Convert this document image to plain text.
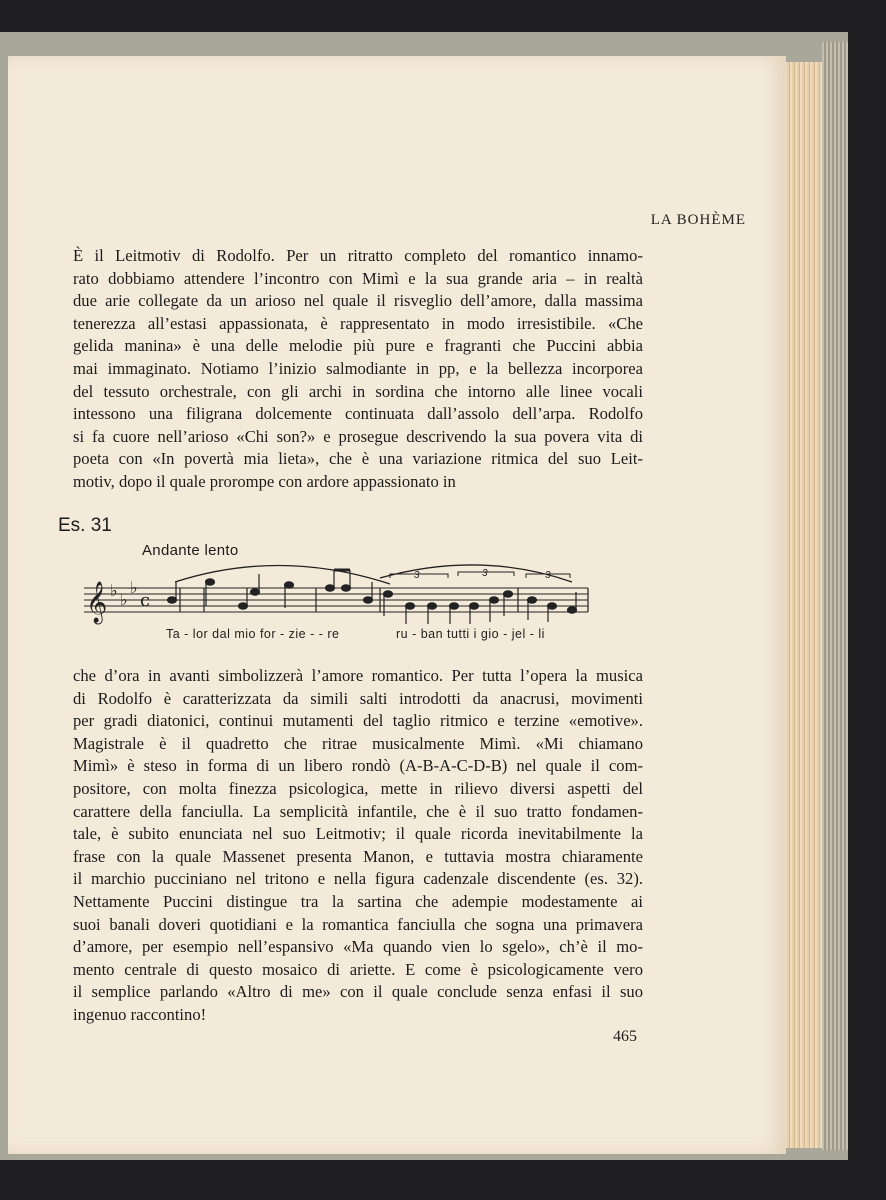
LA BOHÈME
È il Leitmotiv di Rodolfo. Per un ritratto completo del romantico innamo-
rato dobbiamo attendere l’incontro con Mimì e la sua grande aria – in realtà
due arie collegate da un arioso nel quale il risveglio dell’amore, dalla massima
tenerezza all’estasi appassionata, è rappresentato in modo irresistibile. «Che
gelida manina» è una delle melodie più pure e fragranti che Puccini abbia
mai immaginato. Notiamo l’inizio salmodiante in pp, e la bellezza incorporea
del tessuto orchestrale, con gli archi in sordina che intorno alle linee vocali
intessono una filigrana dolcemente continuata dall’assolo dell’arpa. Rodolfo
si fa cuore nell’arioso «Chi son?» e prosegue descrivendo la sua povera vita di
poeta con «In povertà mia lieta», che è una variazione ritmica del suo Leit-
motiv, dopo il quale prorompe con ardore appassionato in
Es. 31
Andante lento
𝄞 ♭ ♭
♭
c
3	3	3
Ta - lor dal mio for - zie - - re	ru - ban tutti i gio - jel - li
che d’ora in avanti simbolizzerà l’amore romantico. Per tutta l’opera la musica
di Rodolfo è caratterizzata da simili salti introdotti da anacrusi, movimenti
per gradi diatonici, continui mutamenti del taglio ritmico e terzine «emotive».
Magistrale è il quadretto che ritrae musicalmente Mimì. «Mi chiamano
Mimì» è steso in forma di un libero rondò (A-B-A-C-D-B) nel quale il com-
positore, con molta finezza psicologica, mette in rilievo diversi aspetti del
carattere della fanciulla. La semplicità infantile, che è il suo tratto fondamen-
tale, è subito enunciata nel suo Leitmotiv; il quale ricorda inevitabilmente la
frase con la quale Massenet presenta Manon, e tuttavia mostra chiaramente
il marchio pucciniano nel tritono e nella figura cadenzale discendente (es. 32).
Nettamente Puccini distingue tra la sartina che adempie modestamente ai
suoi banali doveri quotidiani e la romantica fanciulla che sogna una primavera
d’amore, per esempio nell’espansivo «Ma quando vien lo sgelo», ch’è il mo-
mento centrale di questo mosaico di ariette. E come è psicologicamente vero
il semplice parlando «Altro di me» con il quale conclude senza enfasi il suo
ingenuo raccontino!
465
